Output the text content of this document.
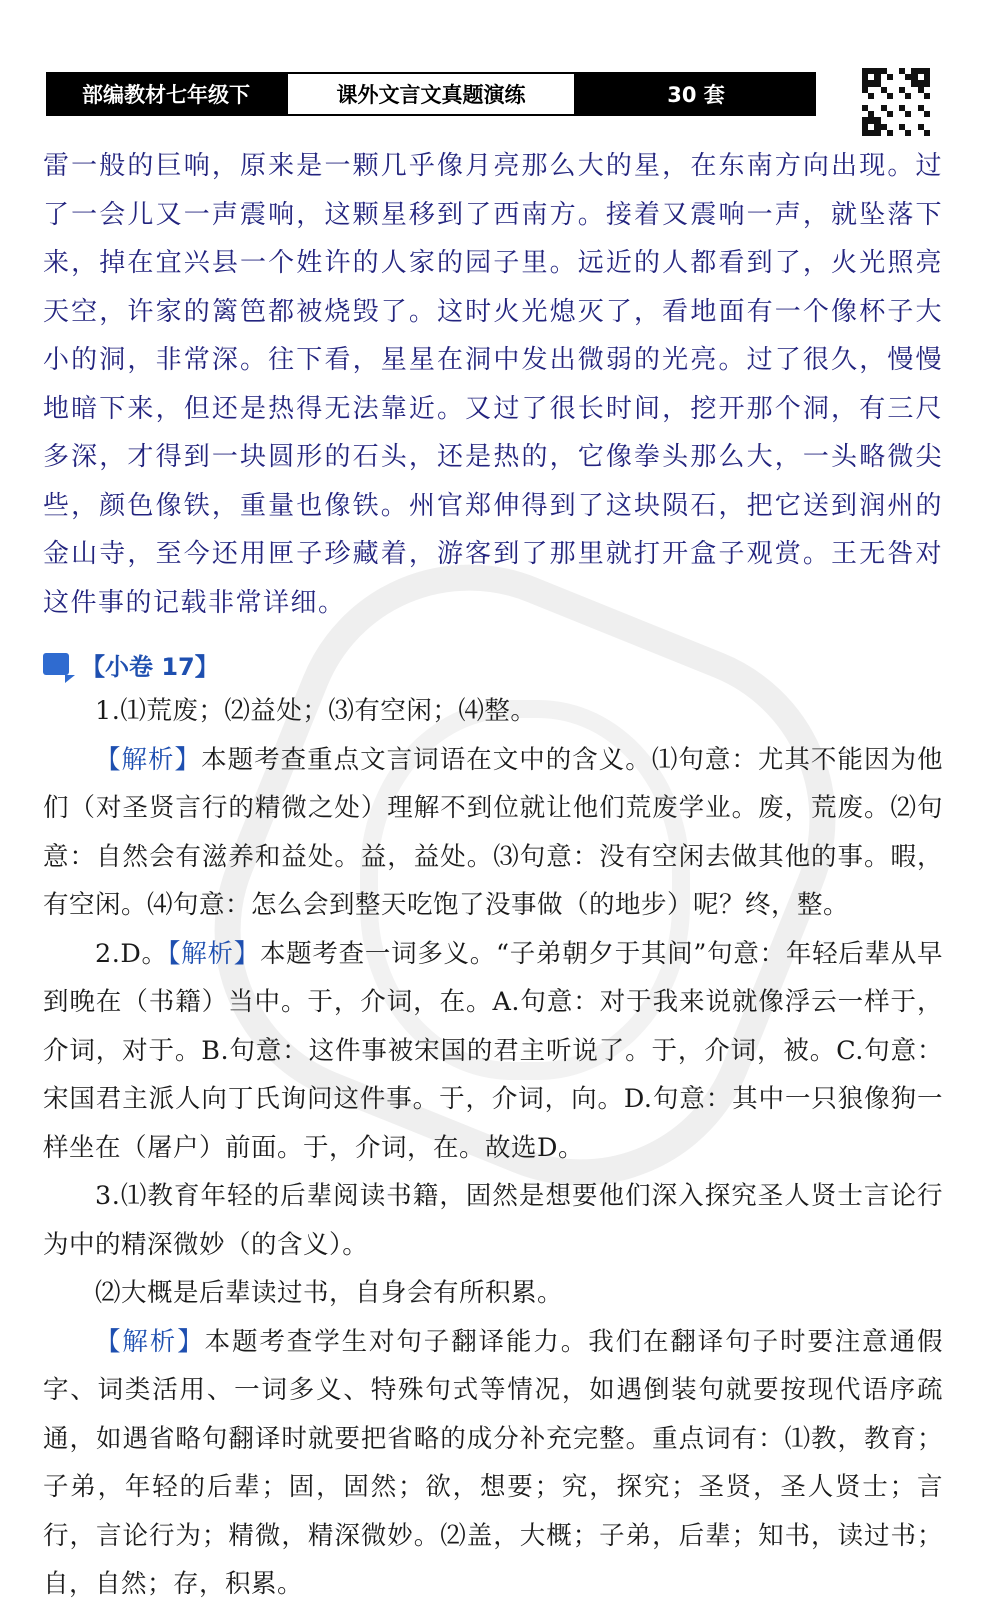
部编教材七年级下	课外文言文真题演练	30 套

雷一般的巨响，原来是一颗几乎像月亮那么大的星，在东南方向出现。过了一会儿又一声震响，这颗星移到了西南方。接着又震响一声，就坠落下来，掉在宜兴县一个姓许的人家的园子里。远近的人都看到了，火光照亮天空，许家的篱笆都被烧毁了。这时火光熄灭了，看地面有一个像杯子大小的洞，非常深。往下看，星星在洞中发出微弱的光亮。过了很久，慢慢地暗下来，但还是热得无法靠近。又过了很长时间，挖开那个洞，有三尺多深，才得到一块圆形的石头，还是热的，它像拳头那么大，一头略微尖些，颜色像铁，重量也像铁。州官郑伸得到了这块陨石，把它送到润州的金山寺，至今还用匣子珍藏着，游客到了那里就打开盒子观赏。王无咎对这件事的记载非常详细。

【小卷 17】

1.⑴荒废；⑵益处；⑶有空闲；⑷整。

【解析】本题考查重点文言词语在文中的含义。⑴句意：尤其不能因为他们（对圣贤言行的精微之处）理解不到位就让他们荒废学业。废，荒废。⑵句意：自然会有滋养和益处。益，益处。⑶句意：没有空闲去做其他的事。暇，有空闲。⑷句意：怎么会到整天吃饱了没事做（的地步）呢？终，整。

2.D。【解析】本题考查一词多义。“子弟朝夕于其间”句意：年轻后辈从早到晚在（书籍）当中。于，介词，在。A.句意：对于我来说就像浮云一样于，介词，对于。B.句意：这件事被宋国的君主听说了。于，介词，被。C.句意：宋国君主派人向丁氏询问这件事。于，介词，向。D.句意：其中一只狼像狗一样坐在（屠户）前面。于，介词，在。故选D。

3.⑴教育年轻的后辈阅读书籍，固然是想要他们深入探究圣人贤士言论行为中的精深微妙（的含义）。

⑵大概是后辈读过书，自身会有所积累。

【解析】本题考查学生对句子翻译能力。我们在翻译句子时要注意通假字、词类活用、一词多义、特殊句式等情况，如遇倒装句就要按现代语序疏通，如遇省略句翻译时就要把省略的成分补充完整。重点词有：⑴教，教育；子弟，年轻的后辈；固，固然；欲，想要；究，探究；圣贤，圣人贤士；言行，言论行为；精微，精深微妙。⑵盖，大概；子弟，后辈；知书，读过书；自，自然；存，积累。
